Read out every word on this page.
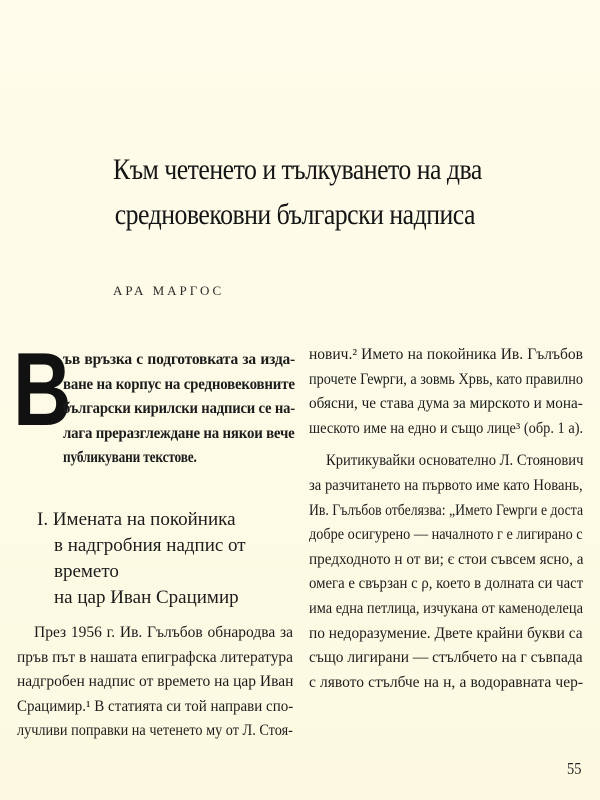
Към четенето и тълкуването на два
средновековни български надписа
АРА МАРГОС
В

ъв връзка с подготовката за изда-

ване на корпус на средновековните

български кирилски надписи се на-

лага преразглеждане на някои вече

публикувани текстове.

I. Имената на покойника
в надгробния надпис от времето
на цар Иван Срацимир

През 1956 г. Ив. Гълъбов обнародва за

пръв път в нашата епиграфска литература

надгробен надпис от времето на цар Иван

Срацимир.¹ В статията си той направи спо-

лучливи поправки на четенето му от Л. Стоя-

нович.² Името на покойника Ив. Гълъбов

прочете Геѡрги, а зовмь Хрвь, като правилно

обясни, че става дума за мирското и мона-

шеското име на едно и също лице³ (обр. 1 а).

Критикувайки основателно Л. Стоянович

за разчитането на първото име като Новань,

Ив. Гълъбов отбелязва: „Името Геѡрги е доста

добре осигурено — началното г е лигирано с

предходното н от ви; є стои съвсем ясно, а

омега е свързан с ρ, което в долната си част

има една петлица, изчукана от каменоделеца

по недоразумение. Двете крайни букви са

също лигирани — стълбчето на г съвпада

с лявото стълбче на н, а водоравната чер-

55
